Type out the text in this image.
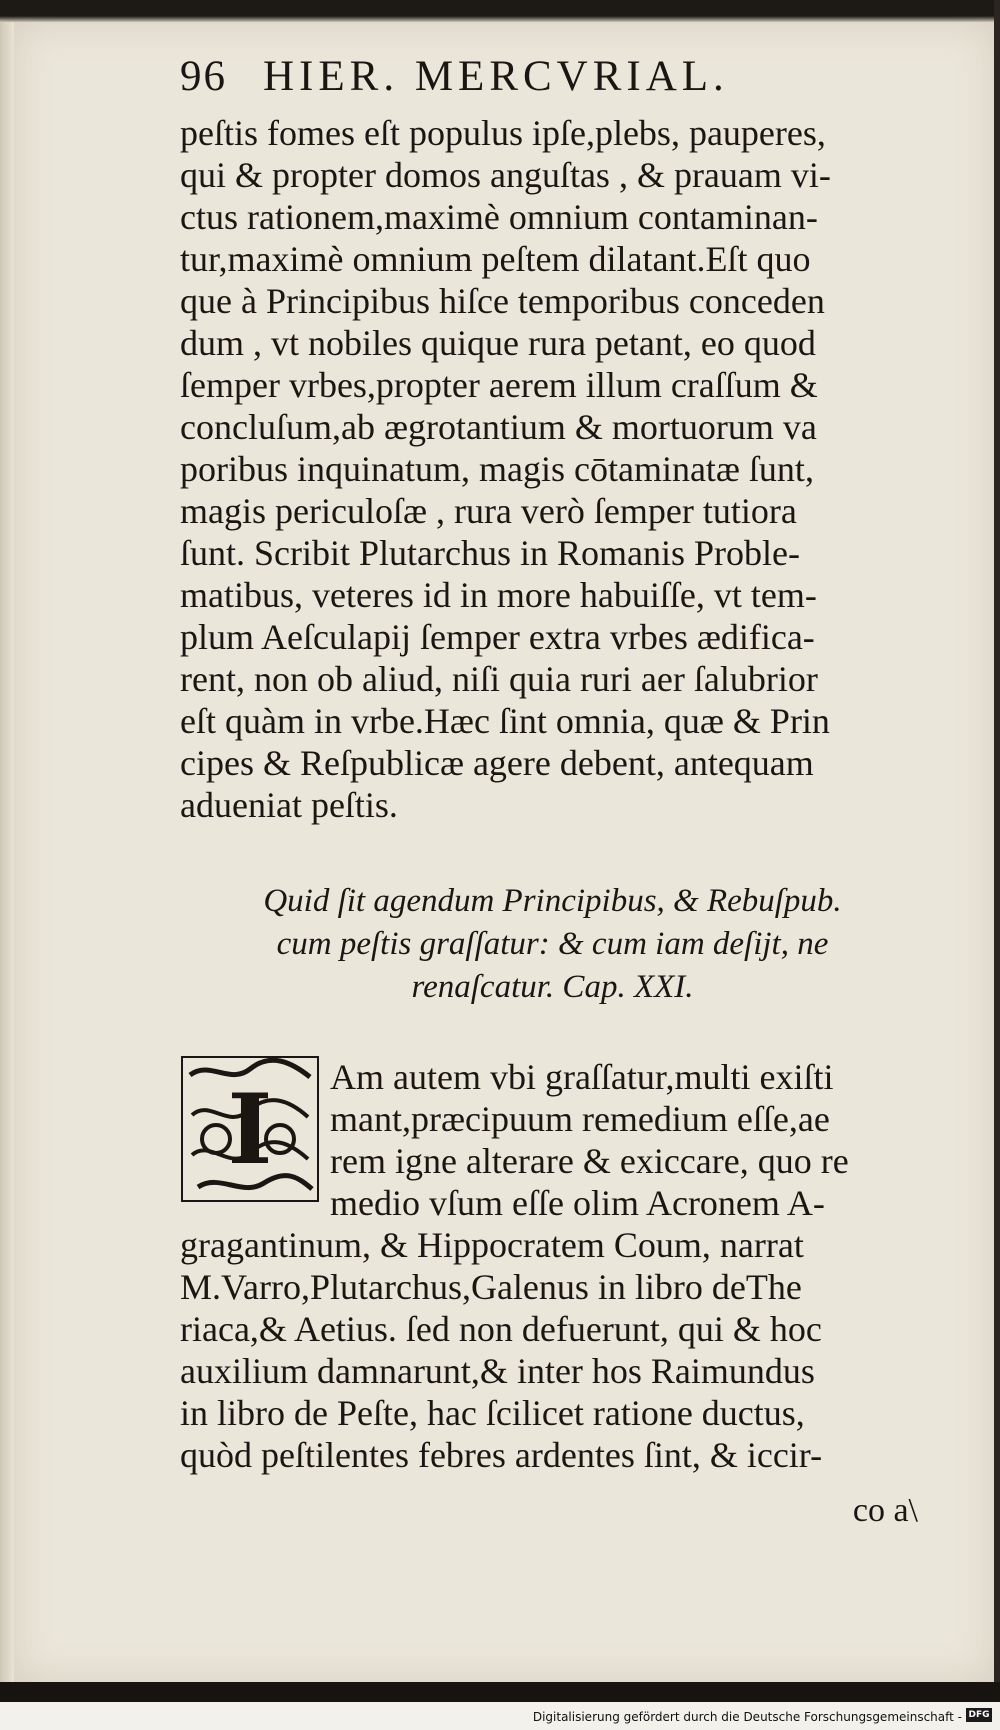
96 HIER. MERCVRIAL.
peſtis fomes eſt populus ipſe,plebs, pauperes,
qui & propter domos anguſtas , & prauam vi-
ctus rationem,maximè omnium contaminan-
tur,maximè omnium peſtem dilatant.Eſt quo
que à Principibus hiſce temporibus conceden
dum , vt nobiles quique rura petant, eo quod
ſemper vrbes,propter aerem illum craſſum &
concluſum,ab ægrotantium & mortuorum va
poribus inquinatum, magis cōtaminatæ ſunt,
magis periculoſæ , rura verò ſemper tutiora
ſunt. Scribit Plutarchus in Romanis Proble-
matibus, veteres id in more habuiſſe, vt tem-
plum Aeſculapij ſemper extra vrbes ædifica-
rent, non ob aliud, niſi quia ruri aer ſalubrior
eſt quàm in vrbe.Hæc ſint omnia, quæ & Prin
cipes & Reſpublicæ agere debent, antequam
adueniat peſtis.
Quid ſit agendum Principibus, & Rebuſpub.
cum peſtis graſſatur: & cum iam deſijt, ne
renaſcatur. Cap. XXI.
I	Am autem vbi graſſatur,multi exiſti
mant,præcipuum remedium eſſe,ae
rem igne alterare & exiccare, quo re
medio vſum eſſe olim Acronem A-
gragantinum, & Hippocratem Coum, narrat
M.Varro,Plutarchus,Galenus in libro deThe
riaca,& Aetius. ſed non defuerunt, qui & hoc
auxilium damnarunt,& inter hos Raimundus
in libro de Peſte, hac ſcilicet ratione ductus,
quòd peſtilentes febres ardentes ſint, & iccir-
co a\
Digitalisierung gefördert durch die Deutsche Forschungsgemeinschaft - DFG
